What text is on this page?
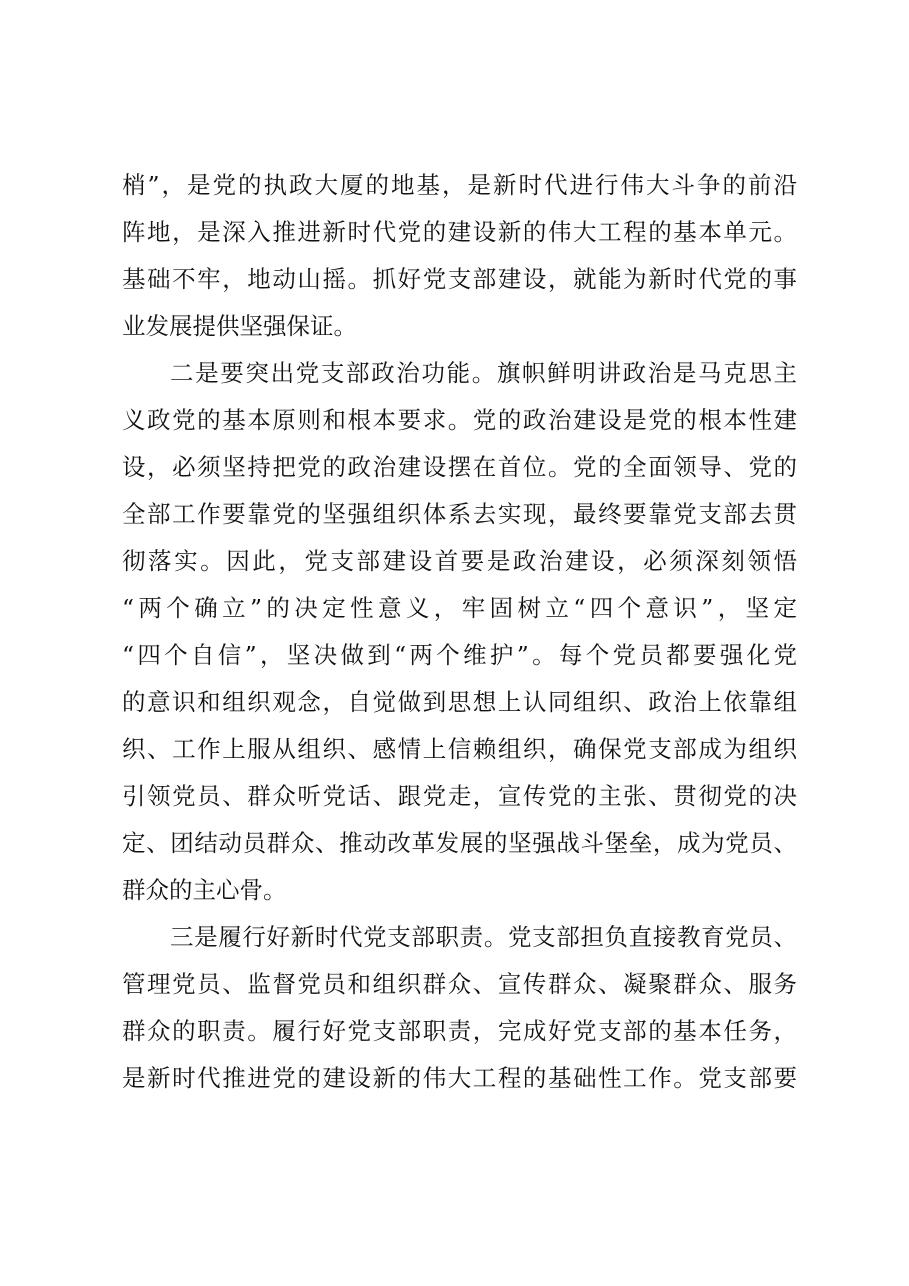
梢”，是党的执政大厦的地基，是新时代进行伟大斗争的前沿
阵地，是深入推进新时代党的建设新的伟大工程的基本单元。
基础不牢，地动山摇。抓好党支部建设，就能为新时代党的事
业发展提供坚强保证。
二是要突出党支部政治功能。旗帜鲜明讲政治是马克思主
义政党的基本原则和根本要求。党的政治建设是党的根本性建
设，必须坚持把党的政治建设摆在首位。党的全面领导、党的
全部工作要靠党的坚强组织体系去实现，最终要靠党支部去贯
彻落实。因此，党支部建设首要是政治建设，必须深刻领悟
“两个确立”的决定性意义，牢固树立“四个意识”，坚定
“四个自信”，坚决做到“两个维护”。每个党员都要强化党
的意识和组织观念，自觉做到思想上认同组织、政治上依靠组
织、工作上服从组织、感情上信赖组织，确保党支部成为组织
引领党员、群众听党话、跟党走，宣传党的主张、贯彻党的决
定、团结动员群众、推动改革发展的坚强战斗堡垒，成为党员、
群众的主心骨。
三是履行好新时代党支部职责。党支部担负直接教育党员、
管理党员、监督党员和组织群众、宣传群众、凝聚群众、服务
群众的职责。履行好党支部职责，完成好党支部的基本任务，
是新时代推进党的建设新的伟大工程的基础性工作。党支部要
